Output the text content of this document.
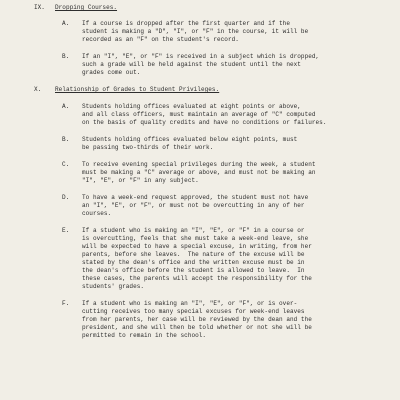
IX. Dropping Courses.
A. If a course is dropped after the first quarter and if the
student is making a "D", "I", or "F" in the course, it will be
recorded as an "F" on the student's record.
B. If an "I", "E", or "F" is received in a subject which is dropped,
such a grade will be held against the student until the next
grades come out.
X. Relationship of Grades to Student Privileges.
A. Students holding offices evaluated at eight points or above,
and all class officers, must maintain an average of "C" computed
on the basis of quality credits and have no conditions or failures.
B. Students holding offices evaluated below eight points, must
be passing two-thirds of their work.
C. To receive evening special privileges during the week, a student
must be making a "C" average or above, and must not be making an
"I", "E", or "F" in any subject.
D. To have a week-end request approved, the student must not have
an "I", "E", or "F", or must not be overcutting in any of her
courses.
E. If a student who is making an "I", "E", or "F" in a course or
is overcutting, feels that she must take a week-end leave, she
will be expected to have a special excuse, in writing, from her
parents, before she leaves.  The nature of the excuse will be
stated by the dean's office and the written excuse must be in
the dean's office before the student is allowed to leave.  In
these cases, the parents will accept the responsibility for the
students' grades.
F. If a student who is making an "I", "E", or "F", or is over-
cutting receives too many special excuses for week-end leaves
from her parents, her case will be reviewed by the dean and the
president, and she will then be told whether or not she will be
permitted to remain in the school.
